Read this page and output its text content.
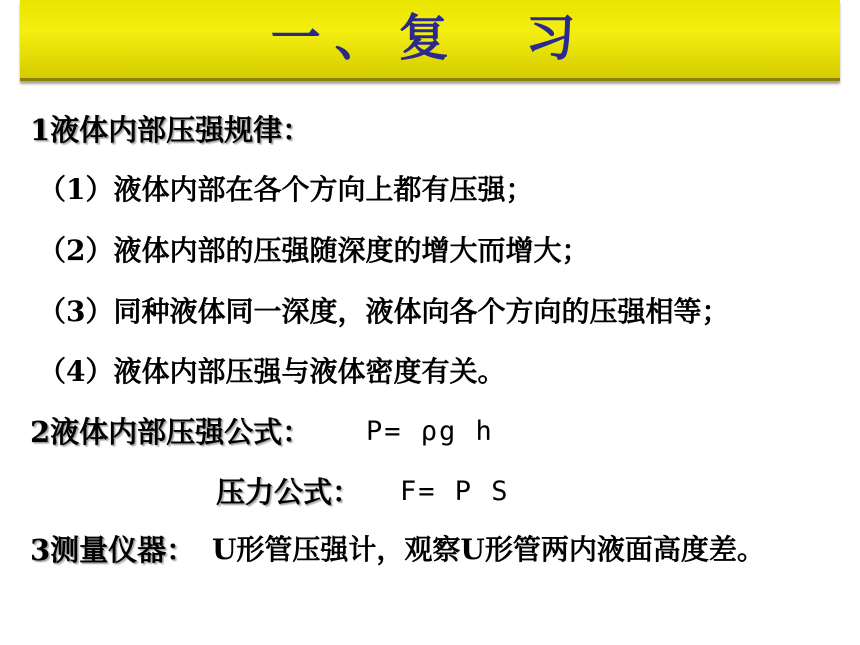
一、复  习
1液体内部压强规律：
（1）液体内部在各个方向上都有压强；
（2）液体内部的压强随深度的增大而增大；
（3）同种液体同一深度，液体向各个方向的压强相等；
（4）液体内部压强与液体密度有关。
2液体内部压强公式： P= ρg h
压力公式： F= P S
3测量仪器： U形管压强计，观察U形管两内液面高度差。
